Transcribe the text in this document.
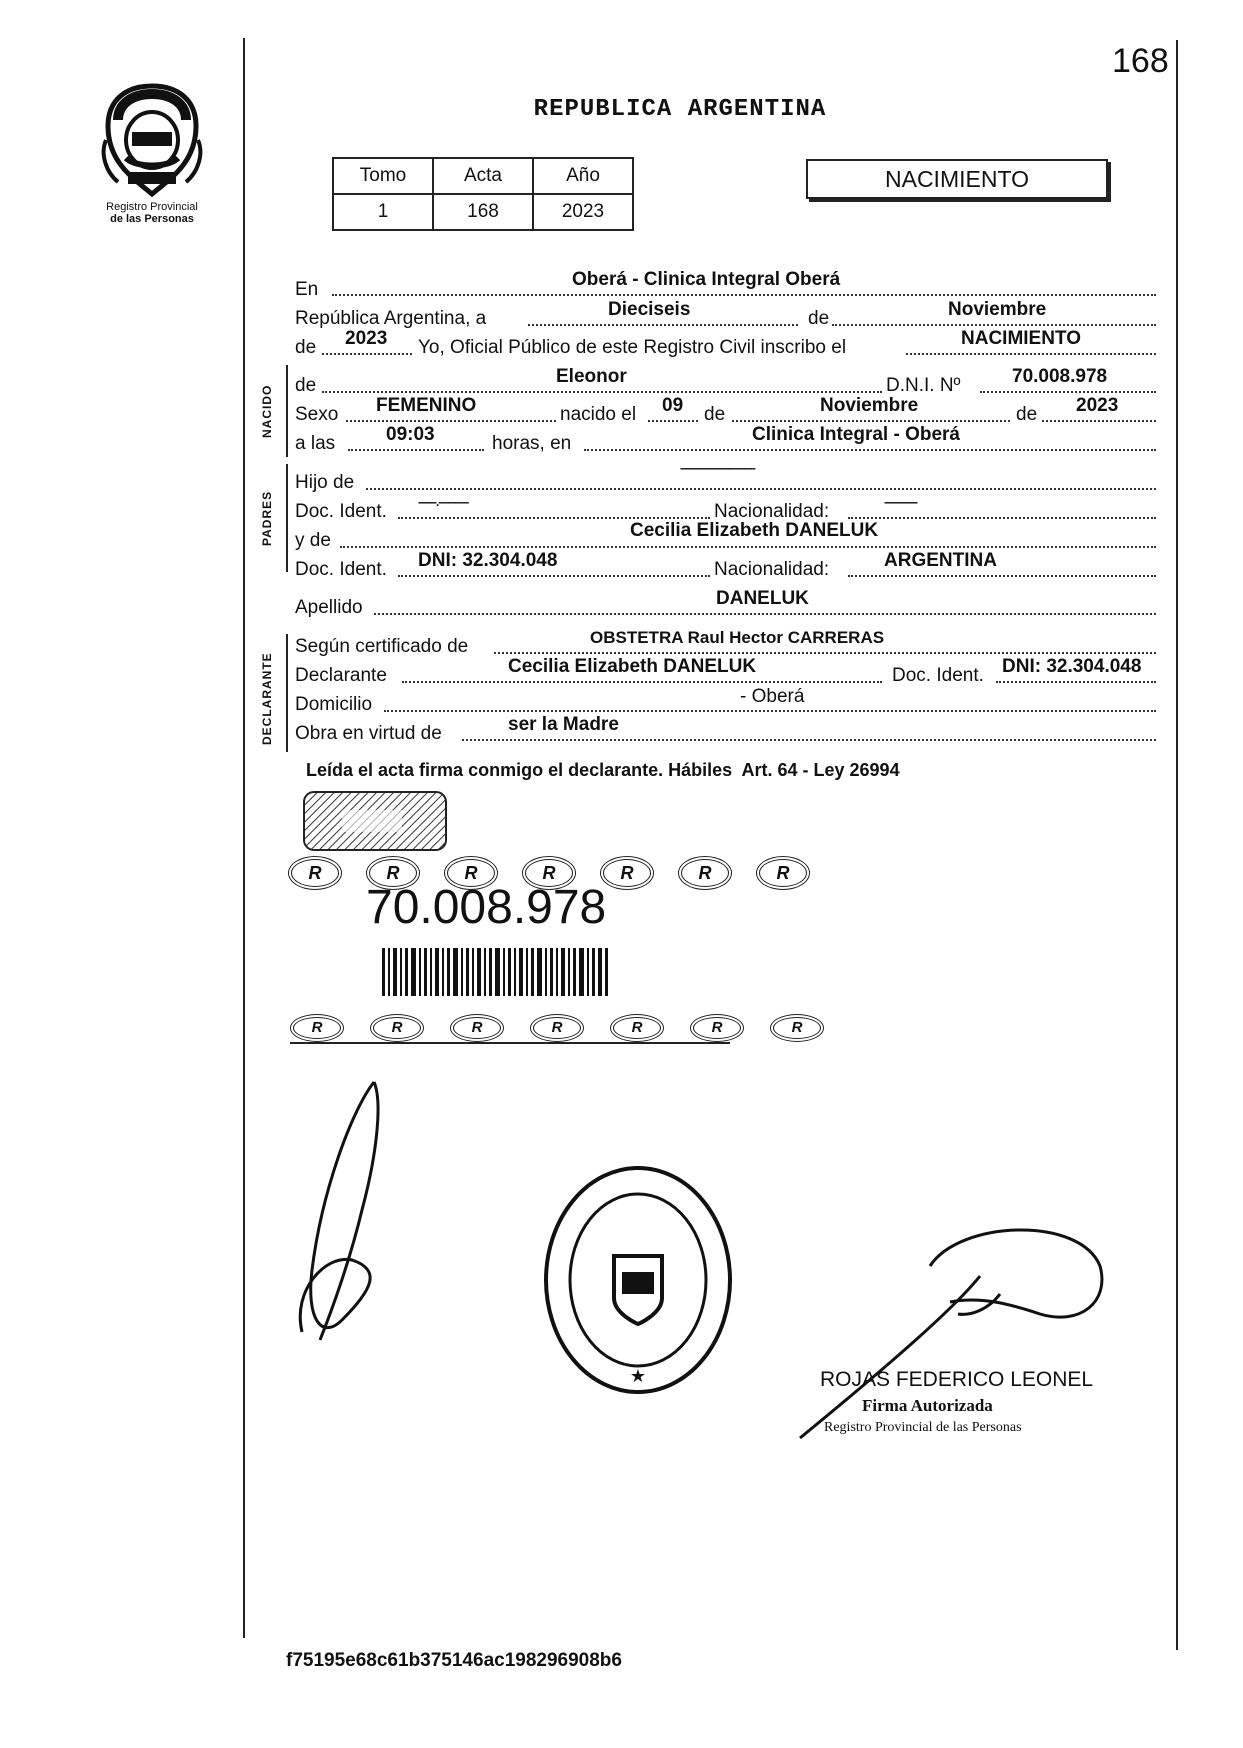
168
Registro Provincial
de las Personas
REPUBLICA ARGENTINA
Tomo	Acta	Año
1	168	2023
NACIMIENTO
NACIDO
PADRES
DECLARANTE
En	Oberá - Clinica Integral Oberá
República Argentina, a	Dieciseis	de	Noviembre
de 2023 Yo, Oficial Público de este Registro Civil inscribo el	NACIMIENTO
de	Eleonor	D.N.I. Nº	70.008.978
Sexo FEMENINO	nacido el 09 de	Noviembre	de 2023
a las	09:03	horas, en	Clinica Integral - Oberá
Hijo de
-------------------------
Doc. Ident.	------.----------	Nacionalidad:	-----------
y de	Cecilia Elizabeth DANELUK
Doc. Ident. DNI: 32.304.048	Nacionalidad:	ARGENTINA
Apellido	DANELUK
Según certificado de	OBSTETRA Raul Hector CARRERAS
Declarante	Cecilia Elizabeth DANELUK	Doc. Ident. DNI: 32.304.048
Domicilio	- Oberá
Obra en virtud de	ser la Madre
Leída el acta firma conmigo el declarante. Hábiles  Art. 64 - Ley 26994
R	R	R	R	R	R	R
70.008.978
R	R	R	R	R	R	R
★	ROJAS FEDERICO LEONEL
Firma Autorizada
Registro Provincial de las Personas
f75195e68c61b375146ac198296908b6
